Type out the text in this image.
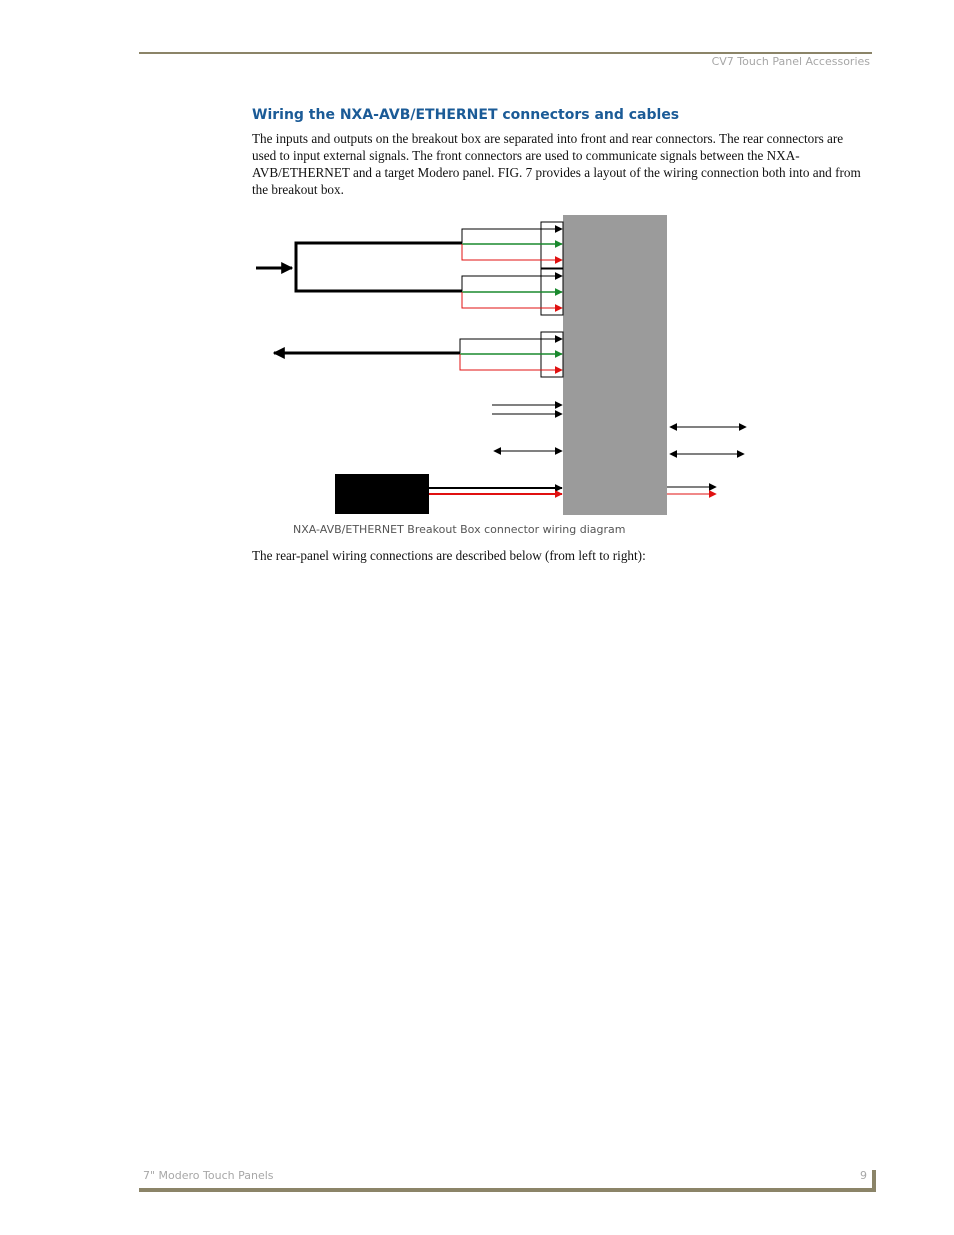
CV7 Touch Panel Accessories
Wiring the NXA-AVB/ETHERNET connectors and cables
The inputs and outputs on the breakout box are separated into front and rear connectors. The rear connectors are used to input external signals. The front connectors are used to communicate signals between the NXA-AVB/ETHERNET and a target Modero panel. FIG. 7 provides a layout of the wiring connection both into and from the breakout box.
NXA-AVB/ETHERNET Breakout Box connector wiring diagram
The rear-panel wiring connections are described below (from left to right):
7" Modero Touch Panels	9
